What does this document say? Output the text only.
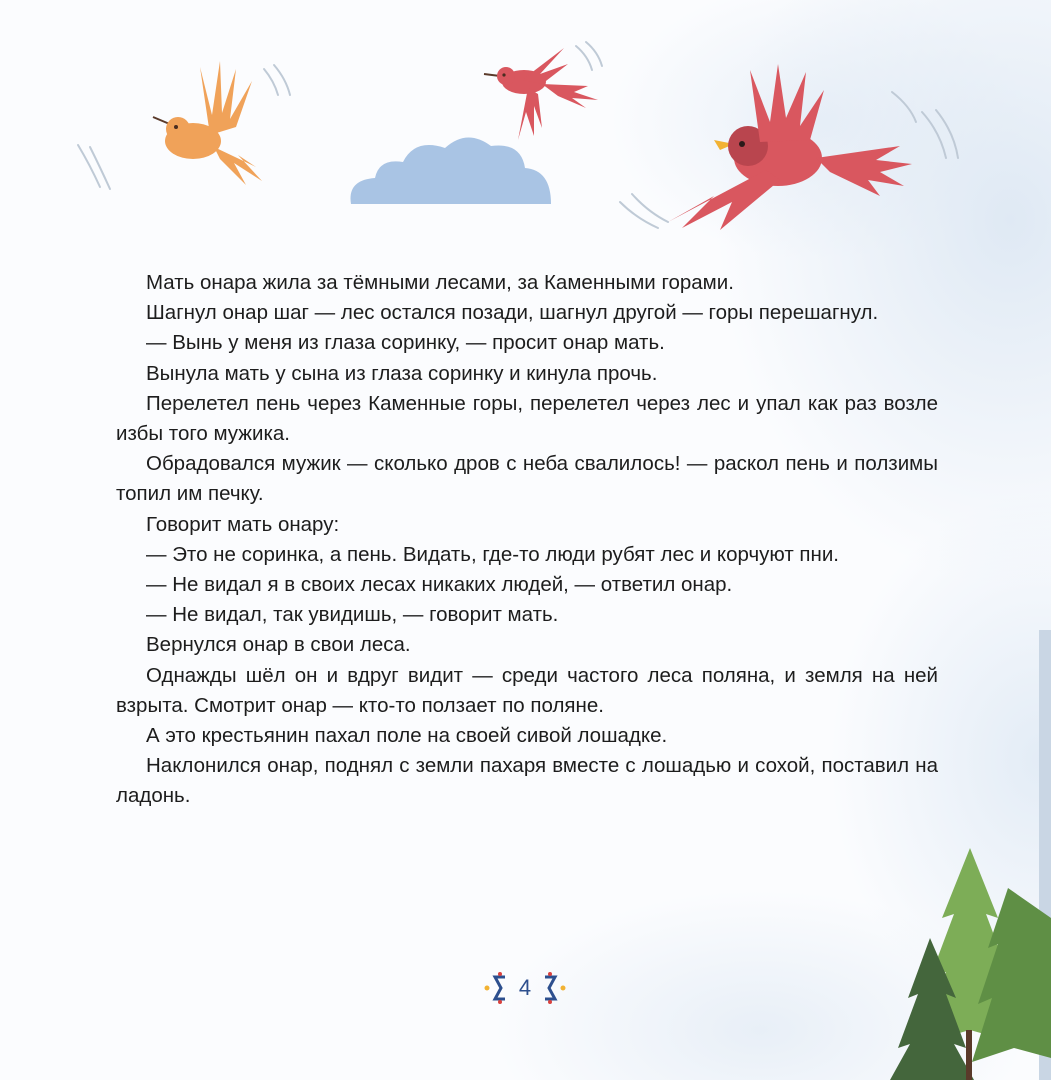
Мать онара жила за тёмными лесами, за Каменными горами.

Шагнул онар шаг — лес остался позади, шагнул другой — горы перешагнул.

— Вынь у меня из глаза соринку, — просит онар мать.

Вынула мать у сына из глаза соринку и кинула прочь.

Перелетел пень через Каменные горы, перелетел через лес и упал как раз возле избы того мужика.

Обрадовался мужик — сколько дров с неба свалилось! — раскол пень и ползимы топил им печку.

Говорит мать онару:

— Это не соринка, а пень. Видать, где-то люди рубят лес и корчуют пни.

— Не видал я в своих лесах никаких людей, — ответил онар.

— Не видал, так увидишь, — говорит мать.

Вернулся онар в свои леса.

Однажды шёл он и вдруг видит — среди частого леса поляна, и земля на ней взрыта. Смотрит онар — кто-то ползает по поляне.

А это крестьянин пахал поле на своей сивой лошадке.

Наклонился онар, поднял с земли пахаря вместе с лошадью и сохой, поставил на ладонь.

4
